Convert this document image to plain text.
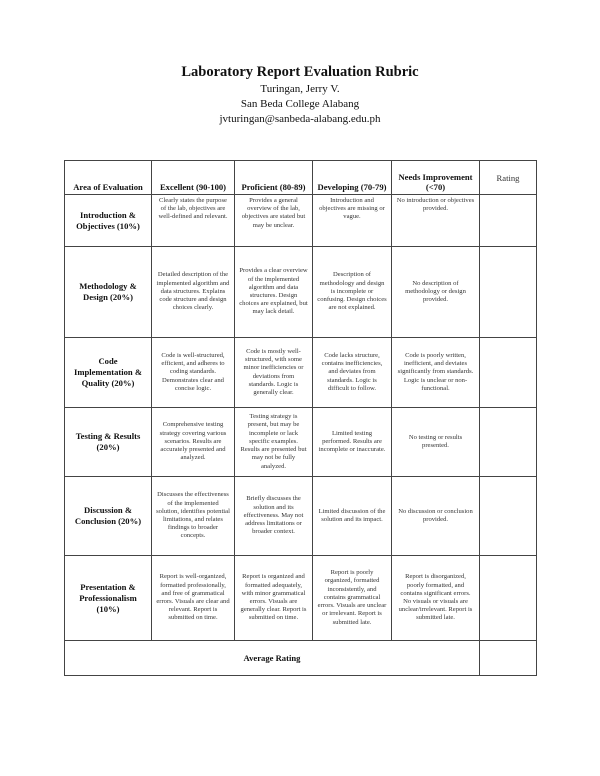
Laboratory Report Evaluation Rubric
Turingan, Jerry V.
San Beda College Alabang
jvturingan@sanbeda-alabang.edu.ph
Area of Evaluation	Excellent (90-100)	Proficient (80-89)	Developing (70-79)	Needs Improvement (<70)	Rating
Introduction & Objectives (10%)	Clearly states the purpose of the lab, objectives are well-defined and relevant.	Provides a general overview of the lab, objectives are stated but may be unclear.	Introduction and objectives are missing or vague.	No introduction or objectives provided.	
Methodology & Design (20%)	Detailed description of the implemented algorithm and data structures. Explains code structure and design choices clearly.	Provides a clear overview of the implemented algorithm and data structures. Design choices are explained, but may lack detail.	Description of methodology and design is incomplete or confusing. Design choices are not explained.	No description of methodology or design provided.	
Code Implementation & Quality (20%)	Code is well-structured, efficient, and adheres to coding standards. Demonstrates clear and concise logic.	Code is mostly well-structured, with some minor inefficiencies or deviations from standards. Logic is generally clear.	Code lacks structure, contains inefficiencies, and deviates from standards. Logic is difficult to follow.	Code is poorly written, inefficient, and deviates significantly from standards. Logic is unclear or non-functional.	
Testing & Results (20%)	Comprehensive testing strategy covering various scenarios. Results are accurately presented and analyzed.	Testing strategy is present, but may be incomplete or lack specific examples. Results are presented but may not be fully analyzed.	Limited testing performed. Results are incomplete or inaccurate.	No testing or results presented.	
Discussion & Conclusion (20%)	Discusses the effectiveness of the implemented solution, identifies potential limitations, and relates findings to broader concepts.	Briefly discusses the solution and its effectiveness. May not address limitations or broader context.	Limited discussion of the solution and its impact.	No discussion or conclusion provided.	
Presentation & Professionalism (10%)	Report is well-organized, formatted professionally, and free of grammatical errors. Visuals are clear and relevant. Report is submitted on time.	Report is organized and formatted adequately, with minor grammatical errors. Visuals are generally clear. Report is submitted on time.	Report is poorly organized, formatted inconsistently, and contains grammatical errors. Visuals are unclear or irrelevant. Report is submitted late.	Report is disorganized, poorly formatted, and contains significant errors. No visuals or visuals are unclear/irrelevant. Report is submitted late.	
Average Rating					
